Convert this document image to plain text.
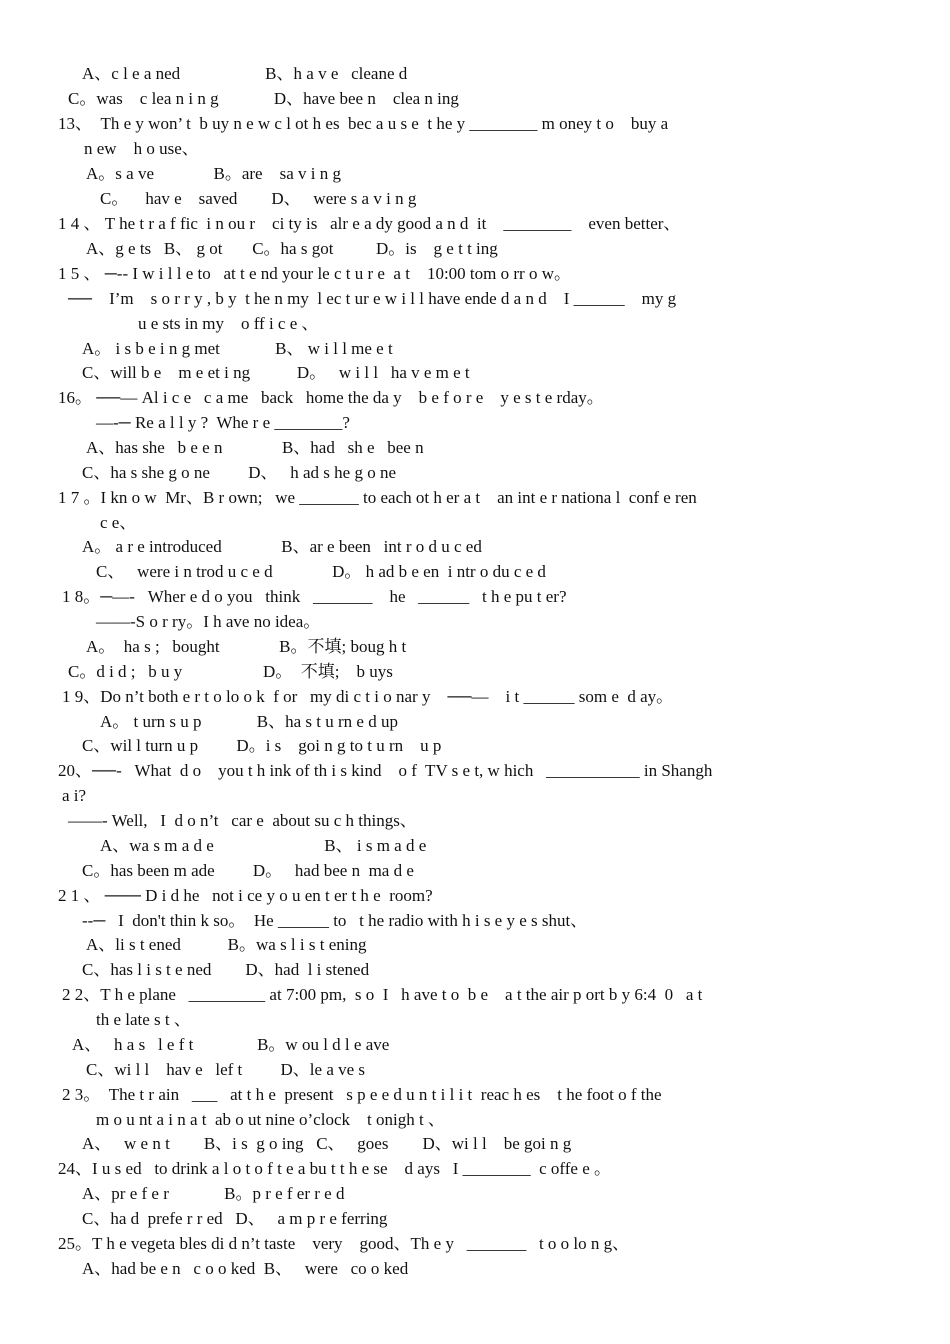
A、c l e a ned                    B、h a v e   cleane d
C。was    c lea n i n g             D、have bee n    clea n ing
13、  Th e y won’ t  b uy n e w c l ot h es  bec a u s e  t he y ________ m oney t o    buy a
n ew    h o use、
A。s a ve              B。are    sa v i n g
C。    hav e    saved        D、   were s a v i n g
1 4 、 T he t r a f fic  i n ou r    ci ty is   alr e a dy good a n d  it    ________    even better、
A、g e ts   B、 g ot       C。ha s got          D。is    g e t t ing
1 5 、 ─-- I w i l l e to   at t e nd your le c t u r e  a t    10:00 tom o rr o w。
──    I’m    s o r r y , b y  t he n my  l ec t ur e w i l l have ende d a n d    I ______    my g
u e sts in my    o ff i c e 、
A。 i s b e i n g met             B、 w i l l me e t
C、will b e    m e et i ng           D。   w i l l   ha v e m e t
16。 ──— Al i c e   c a me   back   home the da y    b e f o r e    y e s t e rday。
—-─ Re a l l y ?  Whe r e ________?
A、has she   b e e n              B、had   sh e   bee n
C、ha s she g o ne         D、   h ad s he g o ne
1 7 。I kn o w  Mr、B r own;   we _______ to each ot h er a t    an int e r nationa l  conf e ren
c e、
A。 a r e introduced              B、ar e been   int r o d u c ed
C、   were i n trod u c e d              D。 h ad b e en  i ntr o du c e d
1 8。─—-   Wher e d o you   think   _______    he   ______   t h e pu t er?
——-S o r ry。I h ave no idea。
A。  ha s ;   bought              B。不填; boug h t
C。d i d ;   b u y                   D。  不填;    b uys
1 9、Do n’t both e r t o lo o k  f or   my di c t i o nar y    ──—    i t ______ som e  d ay。
A。 t urn s u p             B、ha s t u rn e d up
C、wil l turn u p         D。i s    goi n g to t u rn    u p
20、──-   What  d o    you t h ink of th i s kind    o f  TV s e t, w hich   ___________ in Shangh
a i?
——- Well,   I  d o n’t   car e  about su c h things、
A、wa s m a d e                          B、 i s m a d e
C。has been m ade         D。   had bee n  ma d e
2 1 、 ─── D i d he   not i ce y o u en t er t h e  room?
--─   I  don't thin k so。  He ______ to   t he radio with h i s e y e s shut、
A、li s t ened           B。wa s l i s t ening
C、has l i s t e ned        D、had  l i stened
2 2、T h e plane   _________ at 7:00 pm,  s o  I   h ave t o  b e    a t the air p ort b y 6:4  0   a t
th e late s t 、
A、   h a s   l e f t               B。w ou l d l e ave
C、wi l l    hav e   lef t         D、le a ve s
2 3。  The t r ain   ___   at t h e  present   s p e e d u n t i l i t  reac h es    t he foot o f the
m o u nt a i n a t  ab o ut nine o’clock    t onigh t 、
A、   w e n t        B、i s  g o ing   C、   goes        D、wi l l    be goi n g
24、I u s ed   to drink a l o t o f t e a bu t t h e se    d ays   I ________  c offe e 。
A、pr e f e r             B。p r e f er r e d
C、ha d  prefe r r ed   D、   a m p r e ferring
25。T h e vegeta bles di d n’t taste    very    good、Th e y   _______   t o o lo n g、
A、had be e n   c o o ked  B、   were   co o ked
